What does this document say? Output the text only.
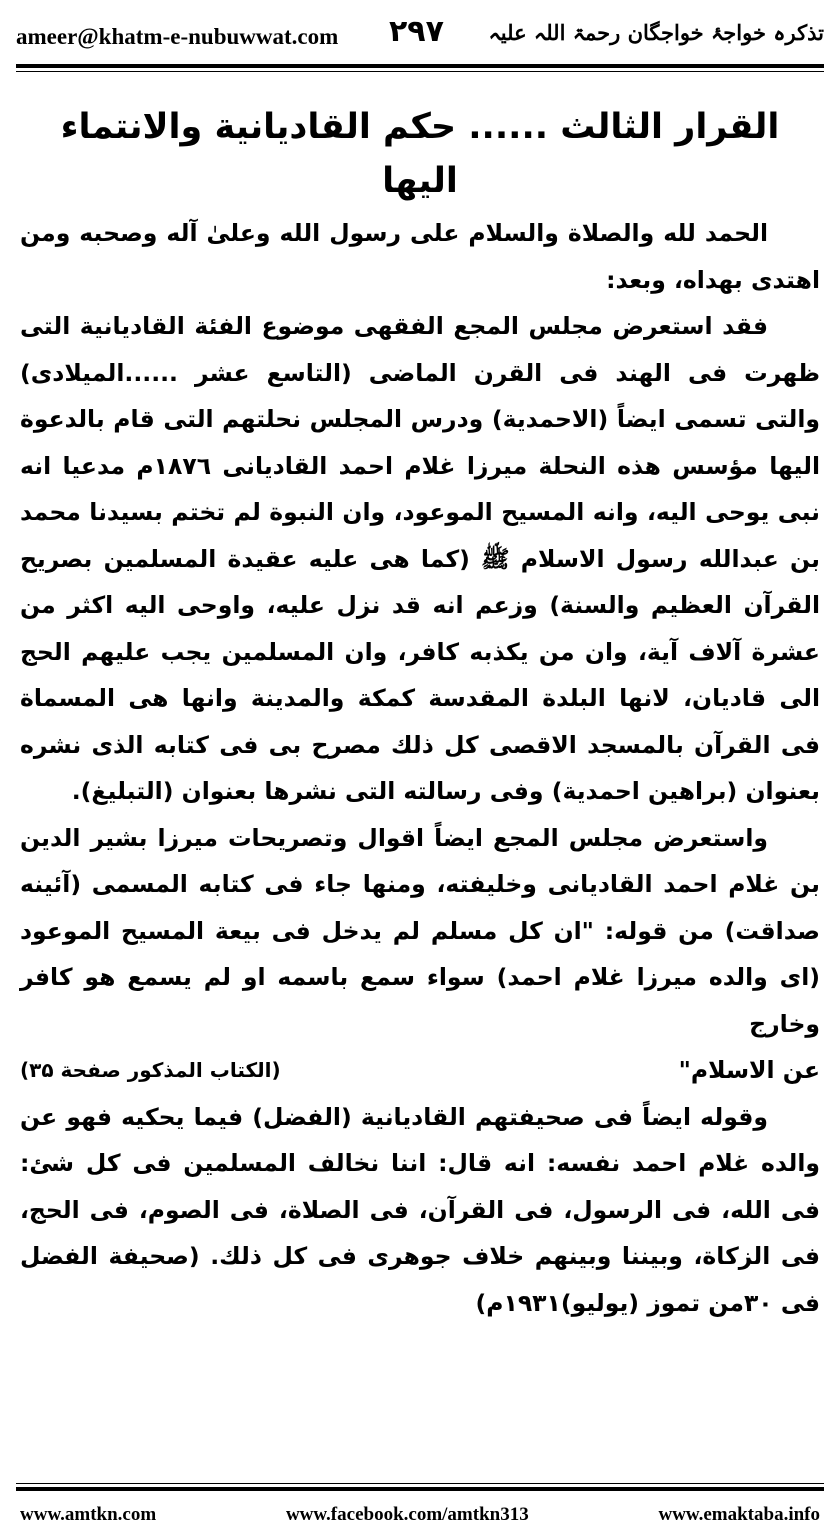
ameer@khatm-e-nubuwwat.com ۲۹۷ تذکرہ خواجۂ خواجگان رحمۃ اللہ علیہ
القرار الثالث ...... حكم القاديانية والانتماء اليها

الحمد لله والصلاة والسلام على رسول الله وعلىٰ آله وصحبه ومن اهتدى بهداه، وبعد:

فقد استعرض مجلس المجع الفقهى موضوع الفئة القاديانية التى ظهرت فى الهند فى القرن الماضى (التاسع عشر ......الميلادى) والتى تسمى ايضاً (الاحمدية) ودرس المجلس نحلتهم التى قام بالدعوة اليها مؤسس هذه النحلة ميرزا غلام احمد القاديانى ۱۸۷٦م مدعيا انه نبى يوحى اليه، وانه المسيح الموعود، وان النبوة لم تختم بسيدنا محمد بن عبدالله رسول الاسلام ﷺ (كما هى عليه عقيدة المسلمين بصريح القرآن العظيم والسنة) وزعم انه قد نزل عليه، واوحى اليه اكثر من عشرة آلاف آية، وان من يكذبه كافر، وان المسلمين يجب عليهم الحج الى قاديان، لانها البلدة المقدسة كمكة والمدينة وانها هى المسماة فى القرآن بالمسجد الاقصى كل ذلك مصرح بى فى كتابه الذى نشره بعنوان (براهين احمدية) وفى رسالته التى نشرها بعنوان (التبليغ).

واستعرض مجلس المجع ايضاً اقوال وتصريحات ميرزا بشير الدين بن غلام احمد القاديانى وخليفته، ومنها جاء فى كتابه المسمى (آئينه صداقت) من قوله: "ان كل مسلم لم يدخل فى بيعة المسيح الموعود (اى والده ميرزا غلام احمد) سواء سمع باسمه او لم يسمع هو كافر وخارج

عن الاسلام"
(الكتاب المذكور صفحة ۳۵)

وقوله ايضاً فى صحيفتهم القاديانية (الفضل) فيما يحكيه فهو عن والده غلام احمد نفسه: انه قال: اننا نخالف المسلمين فى كل شئ: فى الله، فى الرسول، فى القرآن، فى الصلاة، فى الصوم، فى الحج، فى الزكاة، وبيننا وبينهم خلاف جوهرى فى كل ذلك. (صحيفة الفضل فى ۳۰من تموز (يوليو)۱۹۳۱م)

www.amtkn.com	www.facebook.com/amtkn313	www.emaktaba.info
